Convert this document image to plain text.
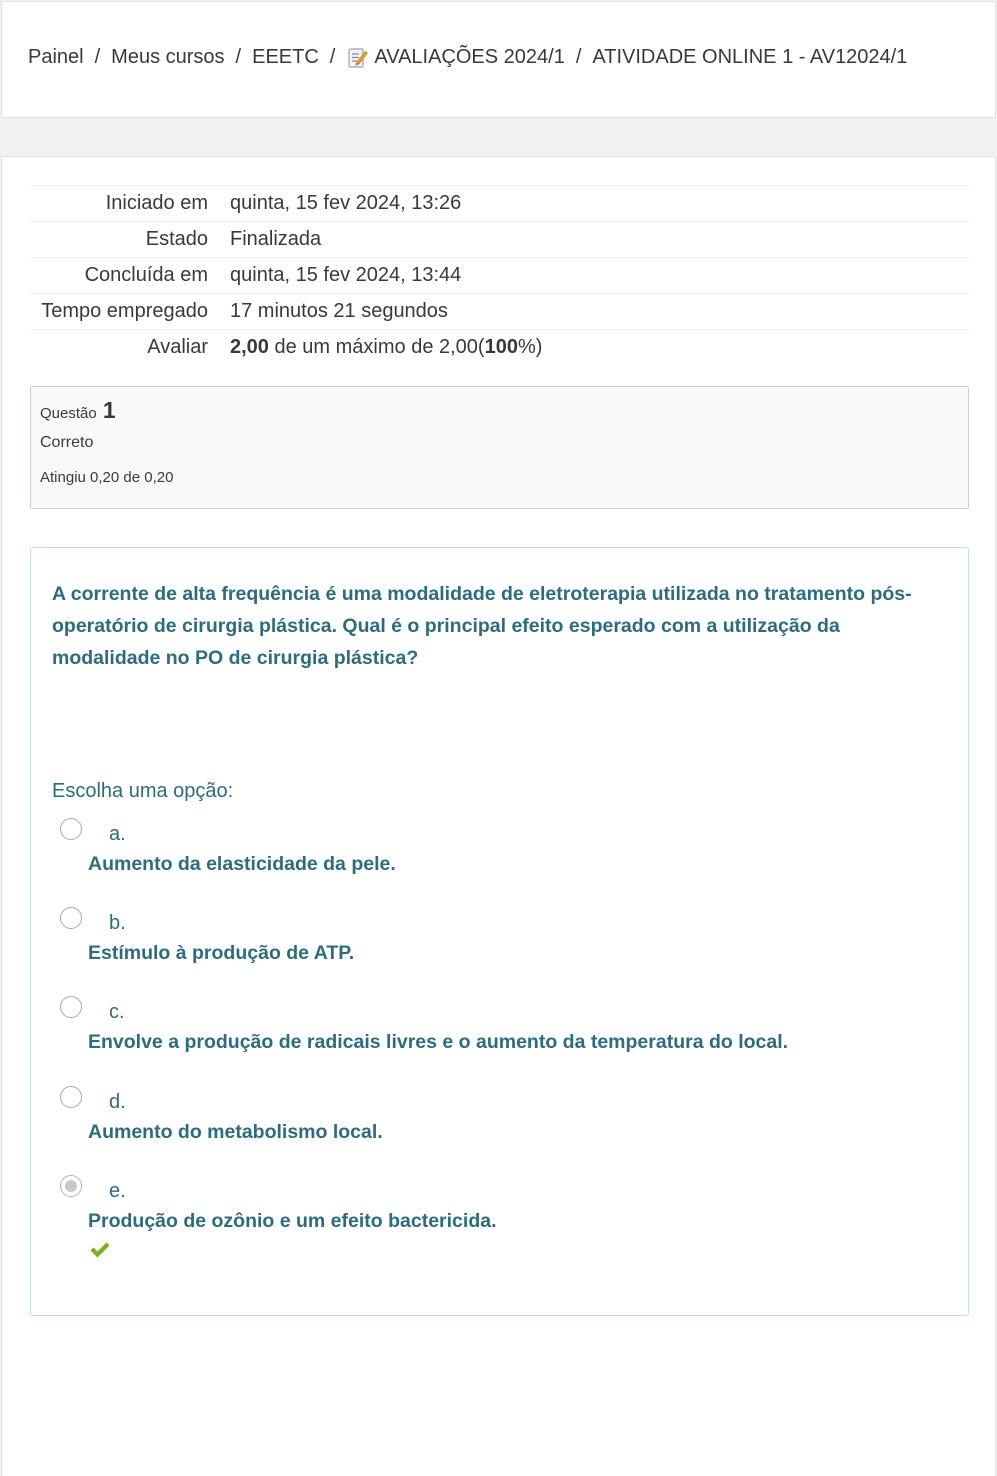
Painel / Meus cursos / EEETC / AVALIAÇÕES 2024/1 / ATIVIDADE ONLINE 1 - AV12024/1
Iniciado em	quinta, 15 fev 2024, 13:26
Estado	Finalizada
Concluída em	quinta, 15 fev 2024, 13:44
Tempo empregado	17 minutos 21 segundos
Avaliar	2,00 de um máximo de 2,00(100%)
Questão 1
Correto
Atingiu 0,20 de 0,20
A corrente de alta frequência é uma modalidade de eletroterapia utilizada no tratamento pós-operatório de cirurgia plástica. Qual é o principal efeito esperado com a utilização da modalidade no PO de cirurgia plástica?
Escolha uma opção:
a.
Aumento da elasticidade da pele.
b.
Estímulo à produção de ATP.
c.
Envolve a produção de radicais livres e o aumento da temperatura do local.
d.
Aumento do metabolismo local.
e.
Produção de ozônio e um efeito bactericida.
